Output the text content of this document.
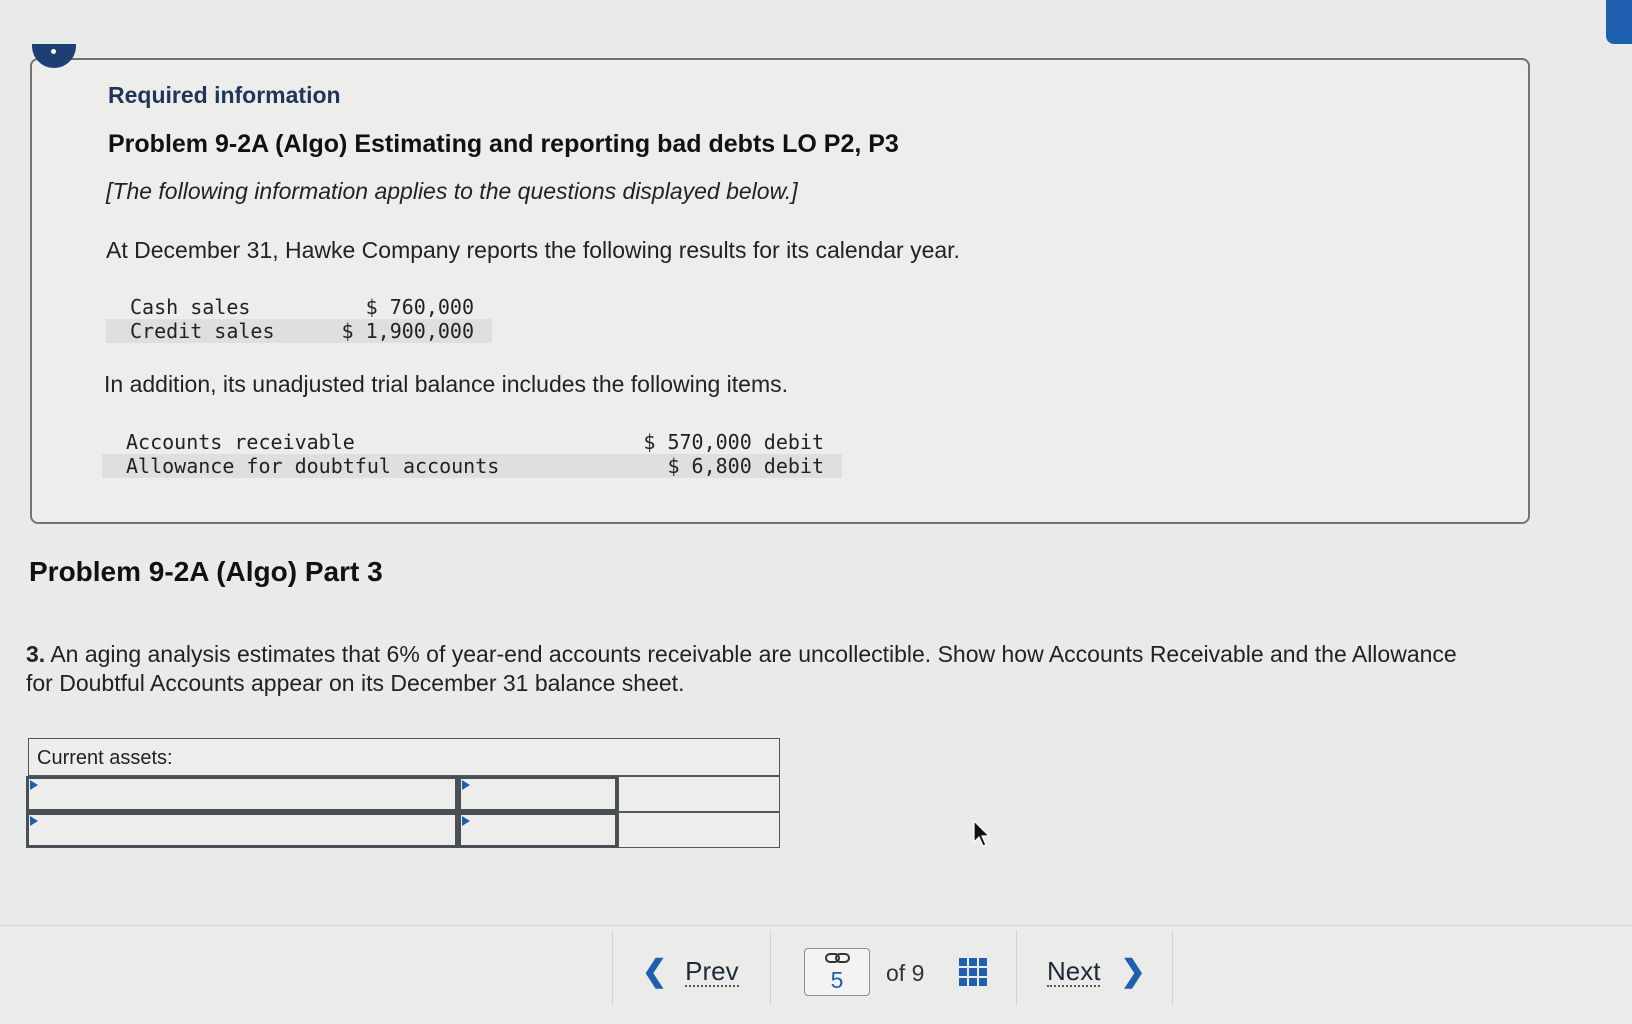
Required information
Problem 9-2A (Algo) Estimating and reporting bad debts LO P2, P3
[The following information applies to the questions displayed below.]
At December 31, Hawke Company reports the following results for its calendar year.
Cash sales	$ 760,000
Credit sales	$ 1,900,000
In addition, its unadjusted trial balance includes the following items.
Accounts receivable	$ 570,000 debit
Allowance for doubtful accounts	$ 6,800 debit
Problem 9-2A (Algo) Part 3
3. An aging analysis estimates that 6% of year-end accounts receivable are uncollectible. Show how Accounts Receivable and the Allowance for Doubtful Accounts appear on its December 31 balance sheet.
Current assets:
❮ Prev	5	of 9	Next ❯
